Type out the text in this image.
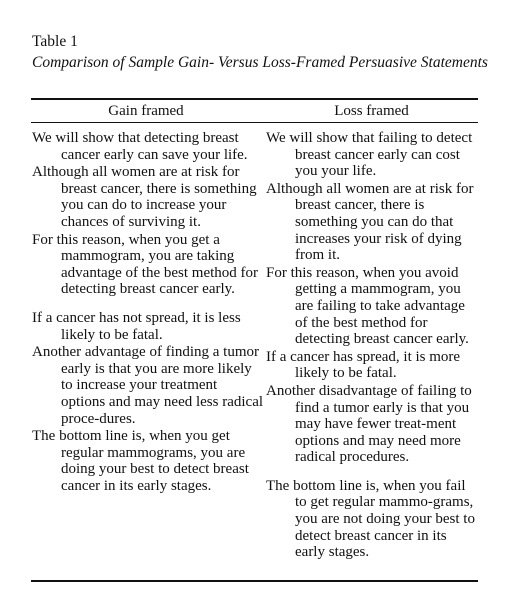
Table 1
Comparison of Sample Gain- Versus Loss-Framed Persuasive Statements
Gain framed	Loss framed

We will show that detecting breast cancer early can save your life.

Although all women are at risk for breast cancer, there is something you can do to increase your chances of surviving it.

For this reason, when you get a mammogram, you are taking advantage of the best method for detecting breast cancer early.

If a cancer has not spread, it is less likely to be fatal.

Another advantage of finding a tumor early is that you are more likely to increase your treatment options and may need less radical proce-dures.

The bottom line is, when you get regular mammograms, you are doing your best to detect breast cancer in its early stages.

We will show that failing to detect breast cancer early can cost you your life.

Although all women are at risk for breast cancer, there is something you can do that increases your risk of dying from it.

For this reason, when you avoid getting a mammogram, you are failing to take advantage of the best method for detecting breast cancer early.

If a cancer has spread, it is more likely to be fatal.

Another disadvantage of failing to find a tumor early is that you may have fewer treat-ment options and may need more radical procedures.

The bottom line is, when you fail to get regular mammo-grams, you are not doing your best to detect breast cancer in its early stages.
